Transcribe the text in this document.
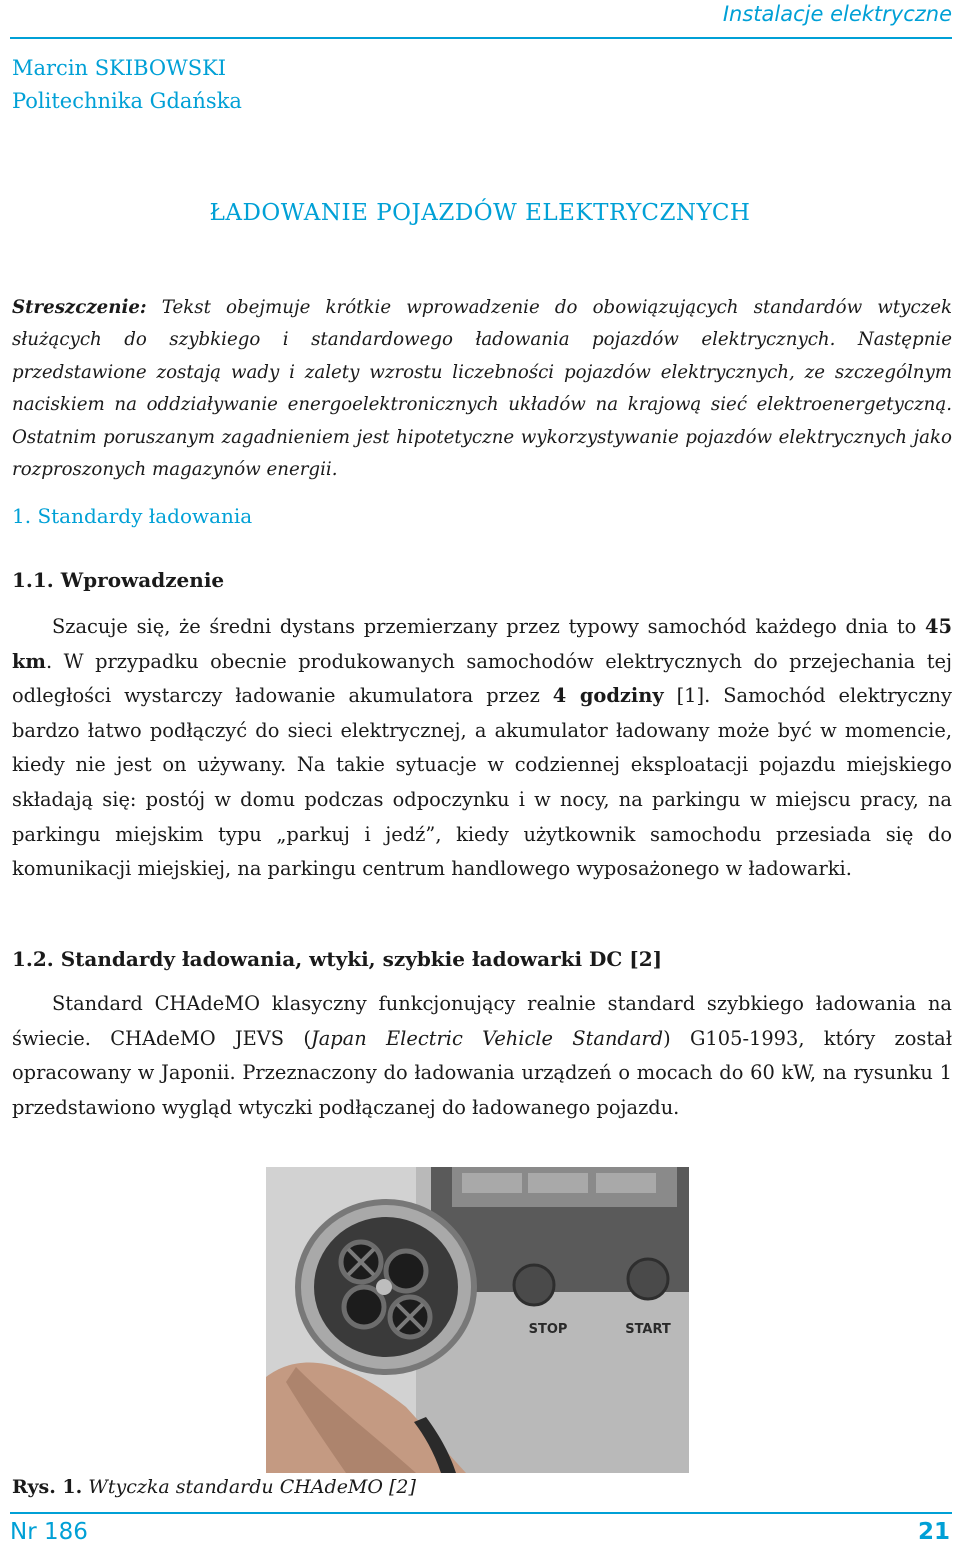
Instalacje elektryczne
Marcin SKIBOWSKI
Politechnika Gdańska
ŁADOWANIE POJAZDÓW ELEKTRYCZNYCH
Streszczenie: Tekst obejmuje krótkie wprowadzenie do obowiązujących standardów wtyczek służących do szybkiego i standardowego ładowania pojazdów elektrycznych. Następnie przedstawione zostają wady i zalety wzrostu liczebności pojazdów elektrycznych, ze szczególnym naciskiem na oddziaływanie energoelektronicznych układów na krajową sieć elektroenergetyczną. Ostatnim poruszanym zagadnieniem jest hipotetyczne wykorzystywanie pojazdów elektrycznych jako rozproszonych magazynów energii.
1. Standardy ładowania
1.1. Wprowadzenie
Szacuje się, że średni dystans przemierzany przez typowy samochód każdego dnia to 45 km. W przypadku obecnie produkowanych samochodów elektrycznych do przejechania tej odległości wystarczy ładowanie akumulatora przez 4 godziny [1]. Samochód elektryczny bardzo łatwo podłączyć do sieci elektrycznej, a akumulator ładowany może być w momencie, kiedy nie jest on używany. Na takie sytuacje w codziennej eksploatacji pojazdu miejskiego składają się: postój w domu podczas odpoczynku i w nocy, na parkingu w miejscu pracy, na parkingu miejskim typu „parkuj i jedź”, kiedy użytkownik samochodu przesiada się do komunikacji miejskiej, na parkingu centrum handlowego wyposażonego w ładowarki.
1.2. Standardy ładowania, wtyki, szybkie ładowarki DC [2]
Standard CHAdeMO klasyczny funkcjonujący realnie standard szybkiego ładowania na świecie. CHAdeMO JEVS (Japan Electric Vehicle Standard) G105-1993, który został opracowany w Japonii. Przeznaczony do ładowania urządzeń o mocach do 60 kW, na rysunku 1 przedstawiono wygląd wtyczki podłączanej do ładowanego pojazdu.
STOP	START
Rys. 1. Wtyczka standardu CHAdeMO [2]
Nr 186	21
